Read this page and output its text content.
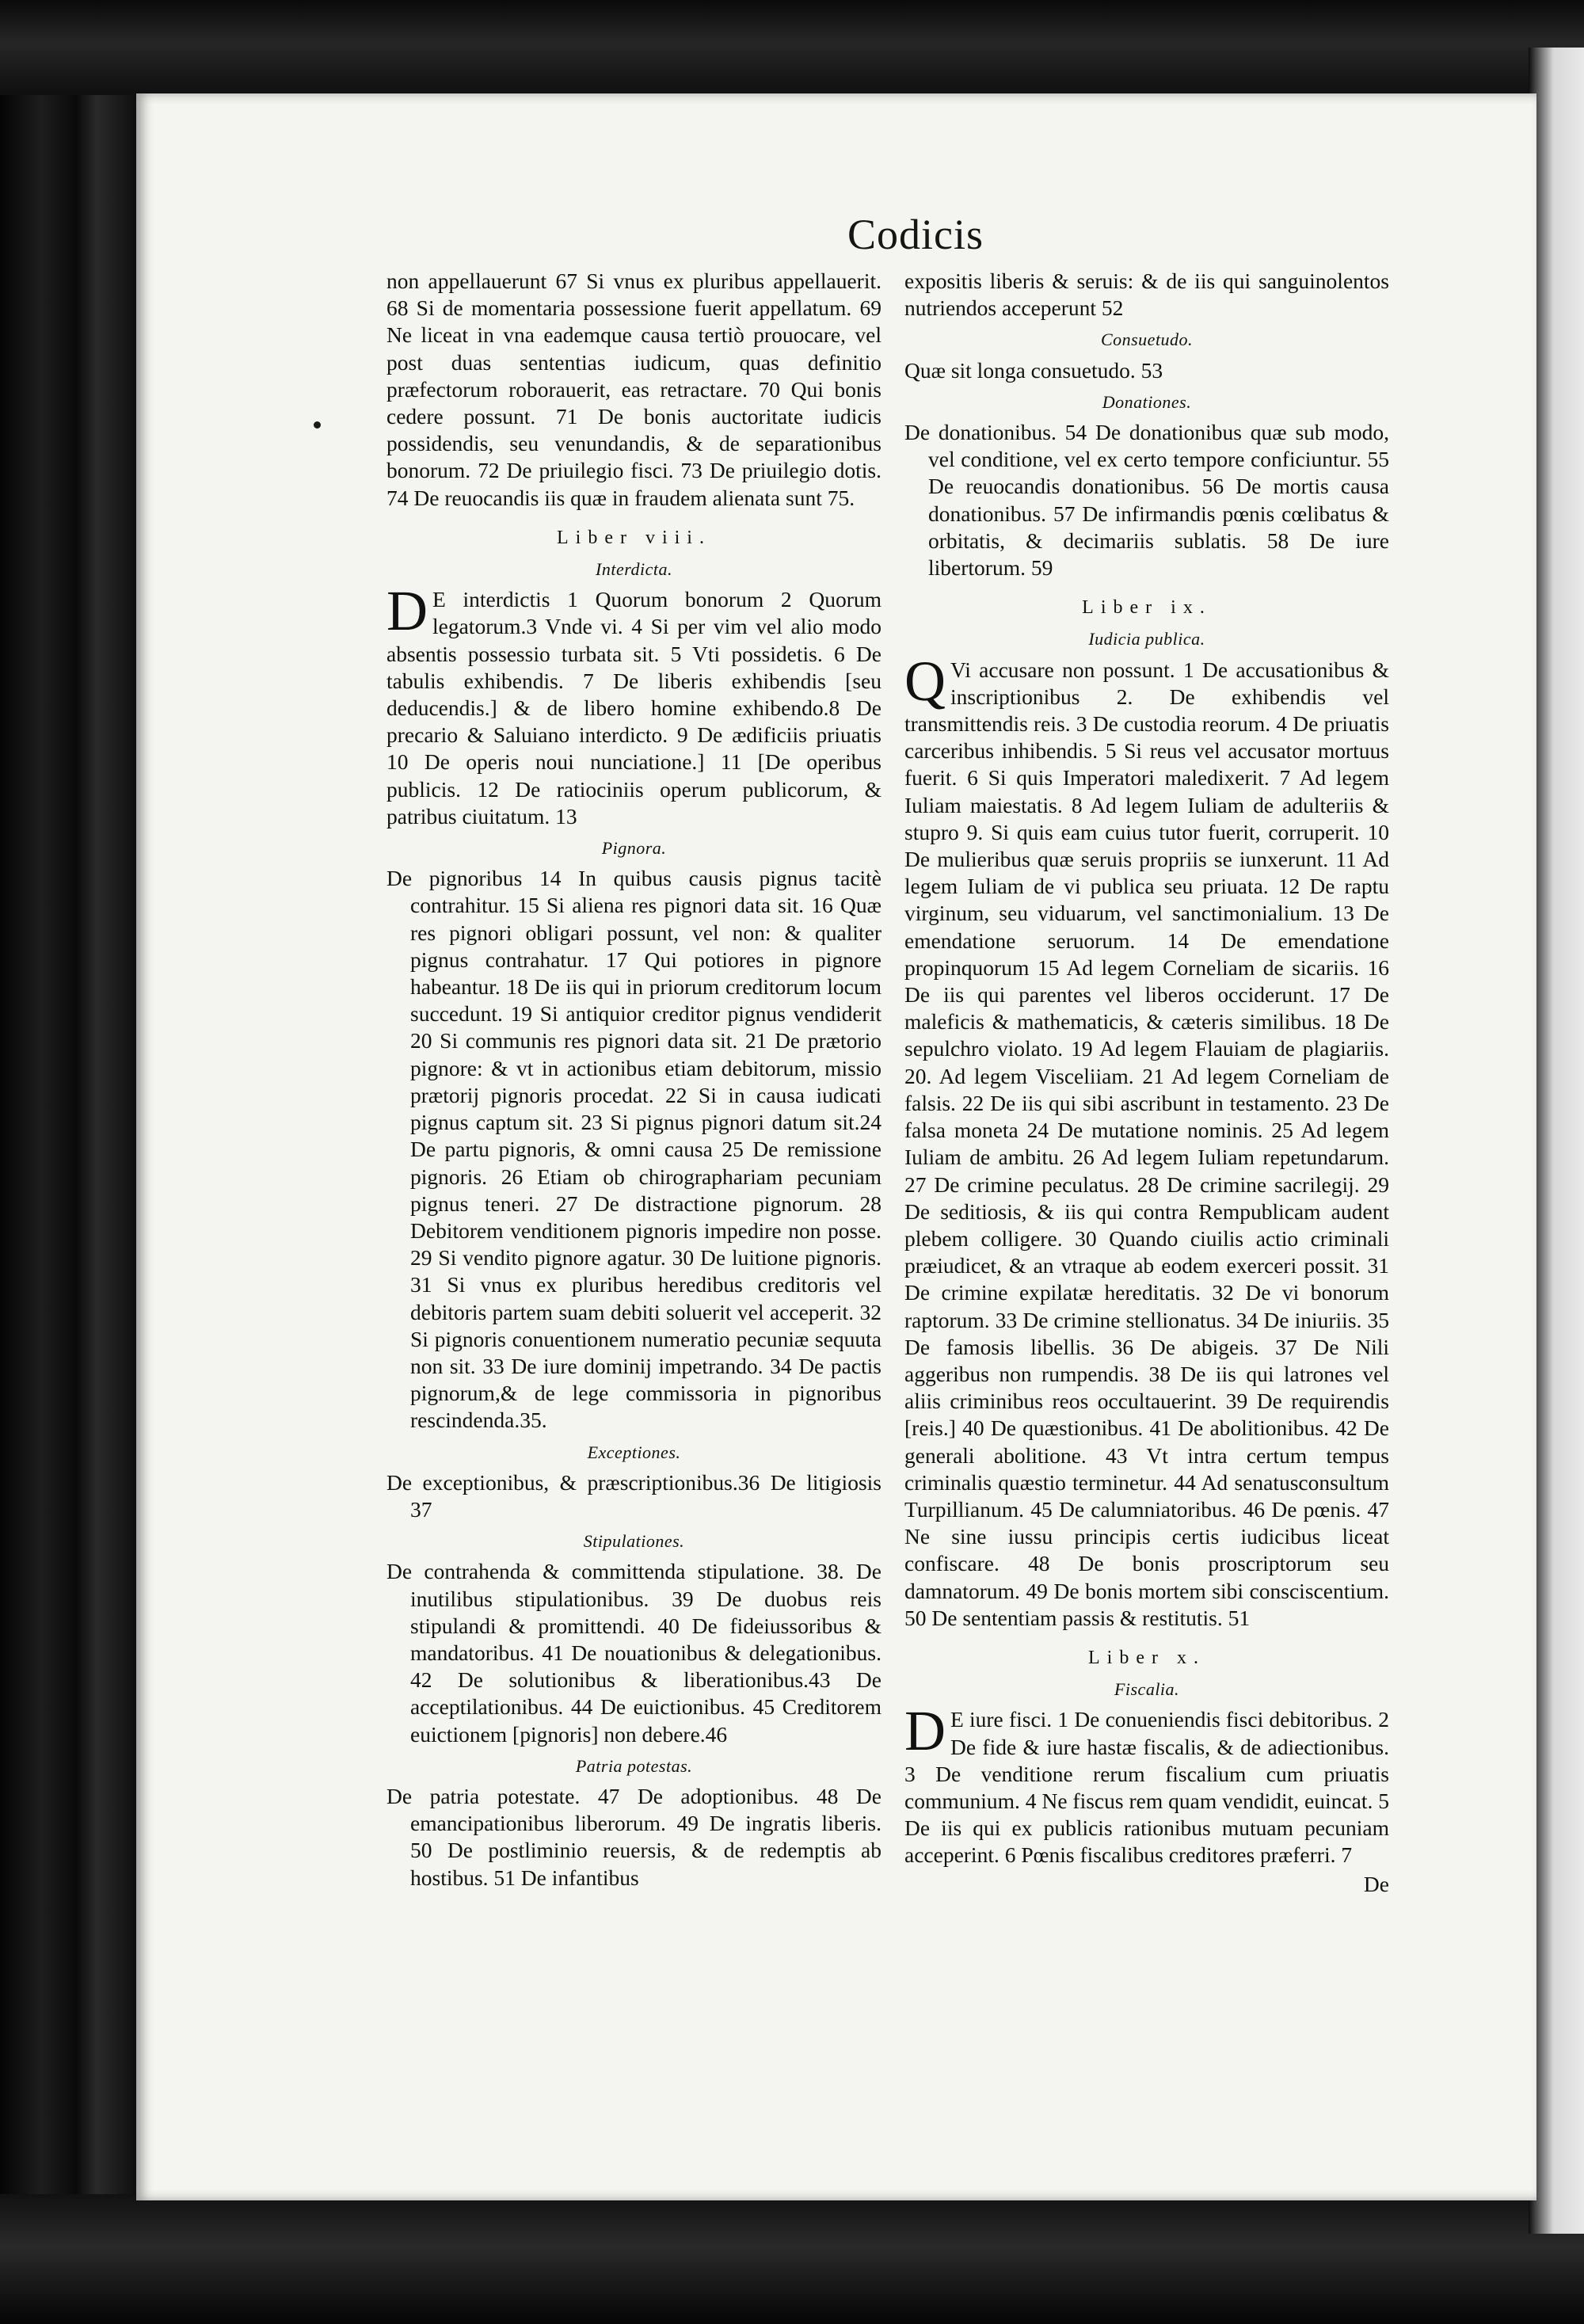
Codicis

non appellauerunt 67 Si vnus ex pluribus appellauerit. 68 Si de momentaria possessione fuerit appellatum. 69 Ne liceat in vna eademque causa tertiò prouocare, vel post duas sententias iudicum, quas definitio præfectorum roborauerit, eas retractare. 70 Qui bonis cedere possunt. 71 De bonis auctoritate iudicis possidendis, seu venundandis, & de separationibus bonorum. 72 De priuilegio fisci. 73 De priuilegio dotis. 74 De reuocandis iis quæ in fraudem alienata sunt 75.

Liber viii.
Interdicta.

D E interdictis 1 Quorum bonorum 2 Quorum legatorum.3 Vnde vi. 4 Si per vim vel alio modo absentis possessio turbata sit. 5 Vti possidetis. 6 De tabulis exhibendis. 7 De liberis exhibendis [seu deducendis.] & de libero homine exhibendo.8 De precario & Saluiano interdicto. 9 De ædificiis priuatis 10 De operis noui nunciatione.] 11 [De operibus publicis. 12 De ratiociniis operum publicorum, & patribus ciuitatum. 13

Pignora.

De pignoribus 14 In quibus causis pignus tacitè contrahitur. 15 Si aliena res pignori data sit. 16 Quæ res pignori obligari possunt, vel non: & qualiter pignus contrahatur. 17 Qui potiores in pignore habeantur. 18 De iis qui in priorum creditorum locum succedunt. 19 Si antiquior creditor pignus vendiderit 20 Si communis res pignori data sit. 21 De prætorio pignore: & vt in actionibus etiam debitorum, missio prætorij pignoris procedat. 22 Si in causa iudicati pignus captum sit. 23 Si pignus pignori datum sit.24 De partu pignoris, & omni causa 25 De remissione pignoris. 26 Etiam ob chirographariam pecuniam pignus teneri. 27 De distractione pignorum. 28 Debitorem venditionem pignoris impedire non posse. 29 Si vendito pignore agatur. 30 De luitione pignoris. 31 Si vnus ex pluribus heredibus creditoris vel debitoris partem suam debiti soluerit vel acceperit. 32 Si pignoris conuentionem numeratio pecuniæ sequuta non sit. 33 De iure dominij impetrando. 34 De pactis pignorum,& de lege commissoria in pignoribus rescindenda.35.

Exceptiones.

De exceptionibus, & præscriptionibus.36 De litigiosis 37

Stipulationes.

De contrahenda & committenda stipulatione. 38. De inutilibus stipulationibus. 39 De duobus reis stipulandi & promittendi. 40 De fideiussoribus & mandatoribus. 41 De nouationibus & delegationibus. 42 De solutionibus & liberationibus.43 De acceptilationibus. 44 De euictionibus. 45 Creditorem euictionem [pignoris] non debere.46

Patria potestas.

De patria potestate. 47 De adoptionibus. 48 De emancipationibus liberorum. 49 De ingratis liberis. 50 De postliminio reuersis, & de redemptis ab hostibus. 51 De infantibus

expositis liberis & seruis: & de iis qui sanguinolentos nutriendos acceperunt 52

Consuetudo.

Quæ sit longa consuetudo. 53

Donationes.

De donationibus. 54 De donationibus quæ sub modo, vel conditione, vel ex certo tempore conficiuntur. 55 De reuocandis donationibus. 56 De mortis causa donationibus. 57 De infirmandis pœnis cœlibatus & orbitatis, & decimariis sublatis. 58 De iure libertorum. 59

Liber ix.
Iudicia publica.

Q Vi accusare non possunt. 1 De accusationibus & inscriptionibus 2. De exhibendis vel transmittendis reis. 3 De custodia reorum. 4 De priuatis carceribus inhibendis. 5 Si reus vel accusator mortuus fuerit. 6 Si quis Imperatori maledixerit. 7 Ad legem Iuliam maiestatis. 8 Ad legem Iuliam de adulteriis & stupro 9. Si quis eam cuius tutor fuerit, corruperit. 10 De mulieribus quæ seruis propriis se iunxerunt. 11 Ad legem Iuliam de vi publica seu priuata. 12 De raptu virginum, seu viduarum, vel sanctimonialium. 13 De emendatione seruorum. 14 De emendatione propinquorum 15 Ad legem Corneliam de sicariis. 16 De iis qui parentes vel liberos occiderunt. 17 De maleficis & mathematicis, & cæteris similibus. 18 De sepulchro violato. 19 Ad legem Flauiam de plagiariis. 20. Ad legem Visceliiam. 21 Ad legem Corneliam de falsis. 22 De iis qui sibi ascribunt in testamento. 23 De falsa moneta 24 De mutatione nominis. 25 Ad legem Iuliam de ambitu. 26 Ad legem Iuliam repetundarum. 27 De crimine peculatus. 28 De crimine sacrilegij. 29 De seditiosis, & iis qui contra Rempublicam audent plebem colligere. 30 Quando ciuilis actio criminali præiudicet, & an vtraque ab eodem exerceri possit. 31 De crimine expilatæ hereditatis. 32 De vi bonorum raptorum. 33 De crimine stellionatus. 34 De iniuriis. 35 De famosis libellis. 36 De abigeis. 37 De Nili aggeribus non rumpendis. 38 De iis qui latrones vel aliis criminibus reos occultauerint. 39 De requirendis [reis.] 40 De quæstionibus. 41 De abolitionibus. 42 De generali abolitione. 43 Vt intra certum tempus criminalis quæstio terminetur. 44 Ad senatusconsultum Turpillianum. 45 De calumniatoribus. 46 De pœnis. 47 Ne sine iussu principis certis iudicibus liceat confiscare. 48 De bonis proscriptorum seu damnatorum. 49 De bonis mortem sibi consciscentium. 50 De sententiam passis & restitutis. 51

Liber x.
Fiscalia.

D E iure fisci. 1 De conueniendis fisci debitoribus. 2 De fide & iure hastæ fiscalis, & de adiectionibus. 3 De venditione rerum fiscalium cum priuatis communium. 4 Ne fiscus rem quam vendidit, euincat. 5 De iis qui ex publicis rationibus mutuam pecuniam acceperint. 6 Pœnis fiscalibus creditores præferri. 7

De
